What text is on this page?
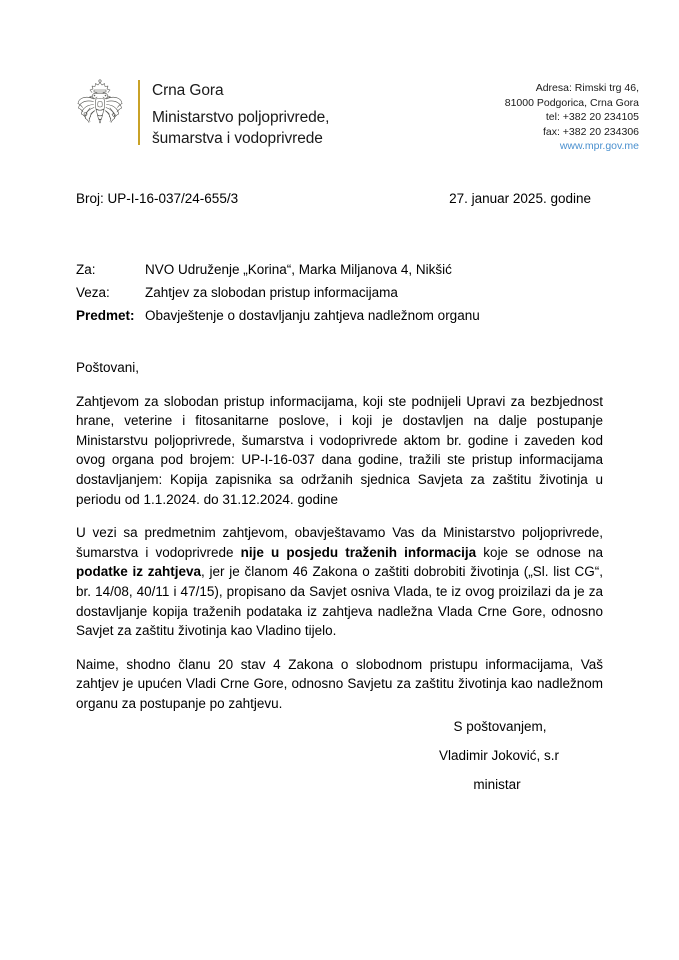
Crna Gora
Ministarstvo poljoprivrede,
šumarstva i vodoprivrede
Adresa: Rimski trg 46,
81000 Podgorica, Crna Gora
tel: +382 20 234105
fax: +382 20 234306
www.mpr.gov.me
Broj: UP-I-16-037/24-655/3	27. januar 2025. godine
Za:	NVO Udruženje „Korina“, Marka Miljanova 4, Nikšić
Veza:	Zahtjev za slobodan pristup informacijama
Predmet: Obavještenje o dostavljanju zahtjeva nadležnom organu

Poštovani,

Zahtjevom za slobodan pristup informacijama, koji ste podnijeli Upravi za bezbjednost hrane, veterine i fitosanitarne poslove, i koji je dostavljen na dalje postupanje Ministarstvu poljoprivrede, šumarstva i vodoprivrede aktom br. godine i zaveden kod ovog organa pod brojem: UP-I-16-037 dana godine, tražili ste pristup informacijama dostavljanjem: Kopija zapisnika sa održanih sjednica Savjeta za zaštitu životinja u periodu od 1.1.2024. do 31.12.2024. godine

U vezi sa predmetnim zahtjevom, obavještavamo Vas da Ministarstvo poljoprivrede, šumarstva i vodoprivrede nije u posjedu traženih informacija koje se odnose na podatke iz zahtjeva, jer je članom 46 Zakona o zaštiti dobrobiti životinja („Sl. list CG“, br. 14/08, 40/11 i 47/15), propisano da Savjet osniva Vlada, te iz ovog proizilazi da je za dostavljanje kopija traženih podataka iz zahtjeva nadležna Vlada Crne Gore, odnosno Savjet za zaštitu životinja kao Vladino tijelo.

Naime, shodno članu 20 stav 4 Zakona o slobodnom pristupu informacijama, Vaš zahtjev je upućen Vladi Crne Gore, odnosno Savjetu za zaštitu životinja kao nadležnom organu za postupanje po zahtjevu.

S poštovanjem,
Vladimir Joković, s.r
ministar
